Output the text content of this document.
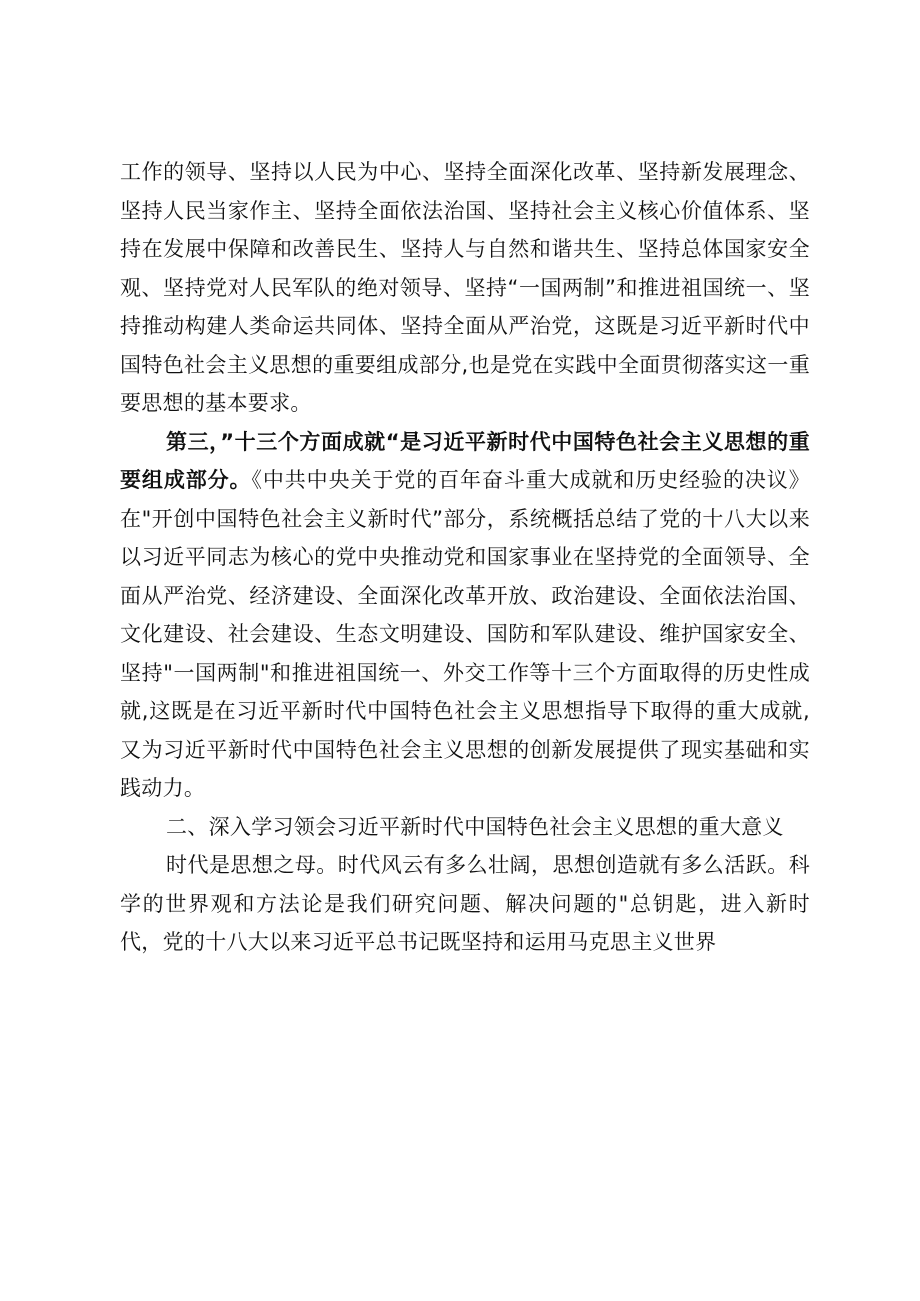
工作的领导、坚持以人民为中心、坚持全面深化改革、坚持新发展理念、坚持人民当家作主、坚持全面依法治国、坚持社会主义核心价值体系、坚持在发展中保障和改善民生、坚持人与自然和谐共生、坚持总体国家安全观、坚持党对人民军队的绝对领导、坚持“一国两制”和推进祖国统一、坚持推动构建人类命运共同体、坚持全面从严治党，这既是习近平新时代中国特色社会主义思想的重要组成部分,也是党在实践中全面贯彻落实这一重要思想的基本要求。

第三，”十三个方面成就“是习近平新时代中国特色社会主义思想的重要组成部分。《中共中央关于党的百年奋斗重大成就和历史经验的决议》在"开创中国特色社会主义新时代”部分，系统概括总结了党的十八大以来以习近平同志为核心的党中央推动党和国家事业在坚持党的全面领导、全面从严治党、经济建设、全面深化改革开放、政治建设、全面依法治国、文化建设、社会建设、生态文明建设、国防和军队建设、维护国家安全、坚持"一国两制"和推进祖国统一、外交工作等十三个方面取得的历史性成就,这既是在习近平新时代中国特色社会主义思想指导下取得的重大成就,又为习近平新时代中国特色社会主义思想的创新发展提供了现实基础和实践动力。

二、深入学习领会习近平新时代中国特色社会主义思想的重大意义

时代是思想之母。时代风云有多么壮阔，思想创造就有多么活跃。科学的世界观和方法论是我们研究问题、解决问题的"总钥匙，进入新时代，党的十八大以来习近平总书记既坚持和运用马克思主义世界
